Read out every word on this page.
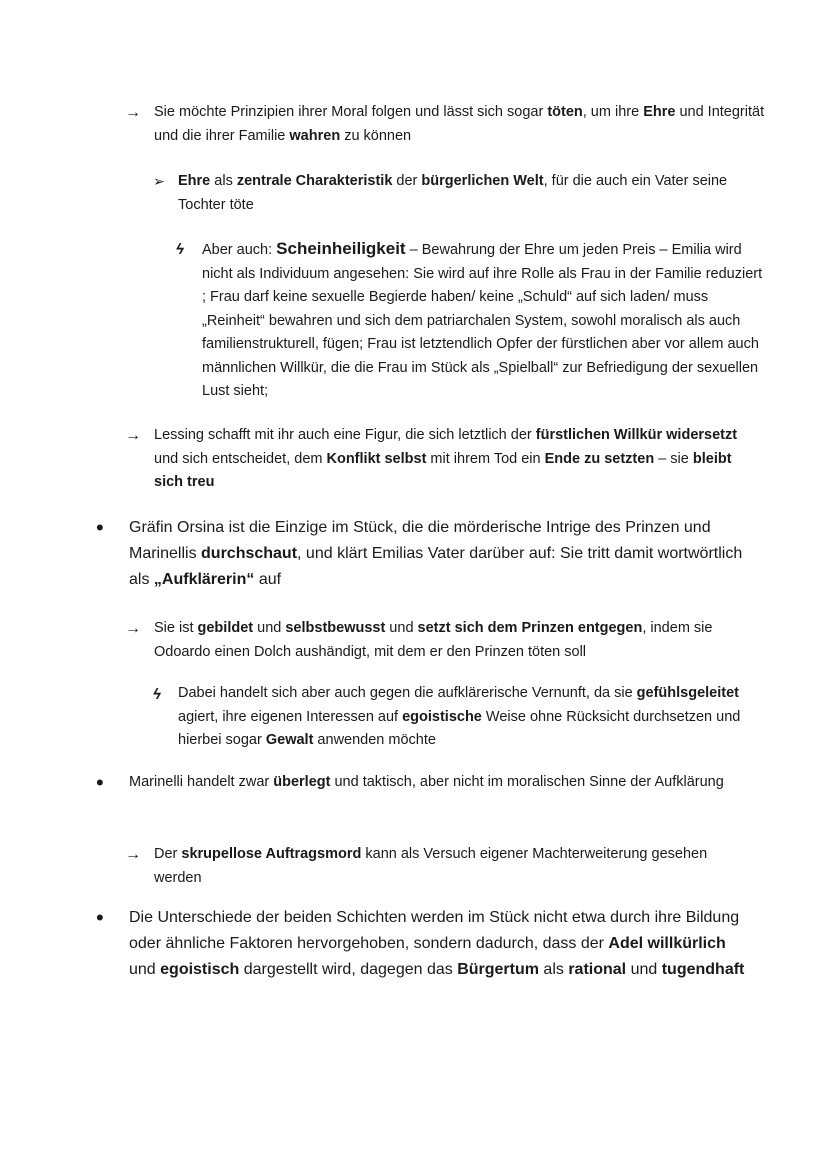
→ Sie möchte Prinzipien ihrer Moral folgen und lässt sich sogar töten, um ihre Ehre und Integrität und die ihrer Familie wahren zu können
➢ Ehre als zentrale Charakteristik der bürgerlichen Welt, für die auch ein Vater seine Tochter töte
ϟ Aber auch: Scheinheiligkeit – Bewahrung der Ehre um jeden Preis – Emilia wird nicht als Individuum angesehen: Sie wird auf ihre Rolle als Frau in der Familie reduziert ; Frau darf keine sexuelle Begierde haben/ keine „Schuld“ auf sich laden/ muss „Reinheit“ bewahren und sich dem patriarchalen System, sowohl moralisch als auch familienstrukturell, fügen; Frau ist letztendlich Opfer der fürstlichen aber vor allem auch männlichen Willkür, die die Frau im Stück als „Spielball“ zur Befriedigung der sexuellen Lust sieht;
→ Lessing schafft mit ihr auch eine Figur, die sich letztlich der fürstlichen Willkür widersetzt und sich entscheidet, dem Konflikt selbst mit ihrem Tod ein Ende zu setzten – sie bleibt sich treu
• Gräfin Orsina ist die Einzige im Stück, die die mörderische Intrige des Prinzen und Marinellis durchschaut, und klärt Emilias Vater darüber auf: Sie tritt damit wortwörtlich als „Aufklärerin“ auf
→ Sie ist gebildet und selbstbewusst und setzt sich dem Prinzen entgegen, indem sie Odoardo einen Dolch aushändigt, mit dem er den Prinzen töten soll
ϟ Dabei handelt sich aber auch gegen die aufklärerische Vernunft, da sie gefühlsgeleitet agiert, ihre eigenen Interessen auf egoistische Weise ohne Rücksicht durchsetzen und hierbei sogar Gewalt anwenden möchte
• Marinelli handelt zwar überlegt und taktisch, aber nicht im moralischen Sinne der Aufklärung
→ Der skrupellose Auftragsmord kann als Versuch eigener Machterweiterung gesehen werden
• Die Unterschiede der beiden Schichten werden im Stück nicht etwa durch ihre Bildung oder ähnliche Faktoren hervorgehoben, sondern dadurch, dass der Adel willkürlich und egoistisch dargestellt wird, dagegen das Bürgertum als rational und tugendhaft
